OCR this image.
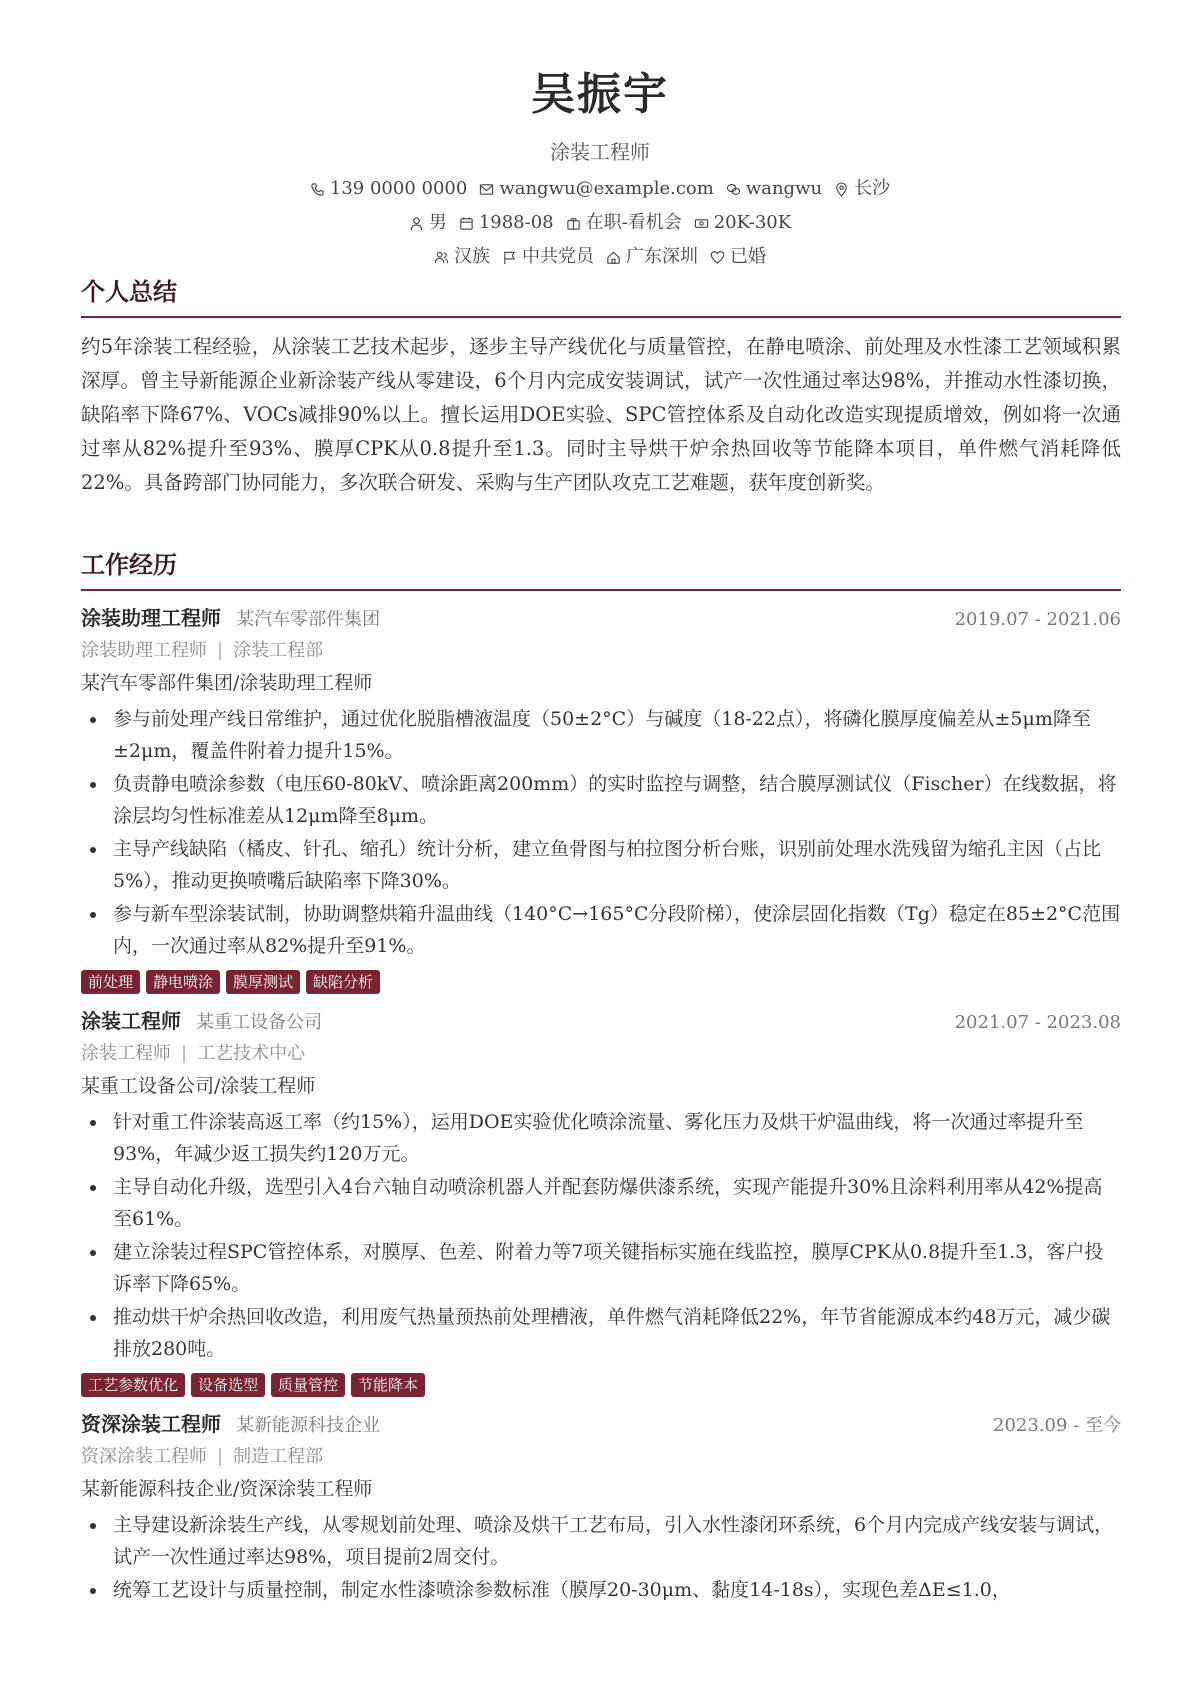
吴振宇
涂装工程师
139 0000 0000 wangwu@example.com wangwu 长沙
男 1988-08 在职-看机会 20K-30K
汉族 中共党员 广东深圳 已婚
个人总结
约5年涂装工程经验，从涂装工艺技术起步，逐步主导产线优化与质量管控，在静电喷涂、前处理及水性漆工艺领域积累深厚。曾主导新能源企业新涂装产线从零建设，6个月内完成安装调试，试产一次性通过率达98%，并推动水性漆切换，缺陷率下降67%、VOCs减排90%以上。擅长运用DOE实验、SPC管控体系及自动化改造实现提质增效，例如将一次通过率从82%提升至93%、膜厚CPK从0.8提升至1.3。同时主导烘干炉余热回收等节能降本项目，单件燃气消耗降低22%。具备跨部门协同能力，多次联合研发、采购与生产团队攻克工艺难题，获年度创新奖。
工作经历
涂装助理工程师 某汽车零部件集团	2019.07 - 2021.06
涂装助理工程师 | 涂装工程部
某汽车零部件集团/涂装助理工程师
参与前处理产线日常维护，通过优化脱脂槽液温度（50±2°C）与碱度（18-22点），将磷化膜厚度偏差从±5μm降至±2μm，覆盖件附着力提升15%。
负责静电喷涂参数（电压60-80kV、喷涂距离200mm）的实时监控与调整，结合膜厚测试仪（Fischer）在线数据，将涂层均匀性标准差从12μm降至8μm。
主导产线缺陷（橘皮、针孔、缩孔）统计分析，建立鱼骨图与柏拉图分析台账，识别前处理水洗残留为缩孔主因（占比5%），推动更换喷嘴后缺陷率下降30%。
参与新车型涂装试制，协助调整烘箱升温曲线（140°C→165°C分段阶梯），使涂层固化指数（Tg）稳定在85±2°C范围内，一次通过率从82%提升至91%。
前处理	静电喷涂	膜厚测试	缺陷分析
涂装工程师 某重工设备公司	2021.07 - 2023.08
涂装工程师 | 工艺技术中心
某重工设备公司/涂装工程师
针对重工件涂装高返工率（约15%），运用DOE实验优化喷涂流量、雾化压力及烘干炉温曲线，将一次通过率提升至93%，年减少返工损失约120万元。
主导自动化升级，选型引入4台六轴自动喷涂机器人并配套防爆供漆系统，实现产能提升30%且涂料利用率从42%提高至61%。
建立涂装过程SPC管控体系，对膜厚、色差、附着力等7项关键指标实施在线监控，膜厚CPK从0.8提升至1.3，客户投诉率下降65%。
推动烘干炉余热回收改造，利用废气热量预热前处理槽液，单件燃气消耗降低22%，年节省能源成本约48万元，减少碳排放280吨。
工艺参数优化	设备选型	质量管控	节能降本
资深涂装工程师 某新能源科技企业	2023.09 - 至今
资深涂装工程师 | 制造工程部
某新能源科技企业/资深涂装工程师
主导建设新涂装生产线，从零规划前处理、喷涂及烘干工艺布局，引入水性漆闭环系统，6个月内完成产线安装与调试，试产一次性通过率达98%，项目提前2周交付。
统筹工艺设计与质量控制，制定水性漆喷涂参数标准（膜厚20-30μm、黏度14-18s），实现色差ΔE≤1.0，
